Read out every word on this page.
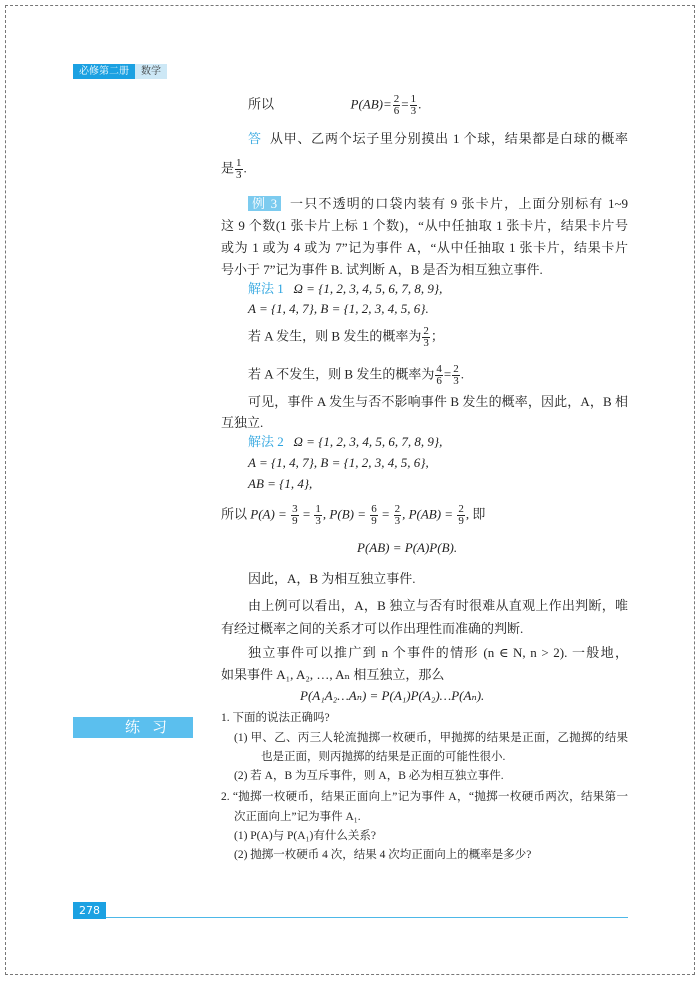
必修第二册	数学
所以	$P(AB)= \frac{2}{6} = \frac{1}{3}$ .
答 从甲、乙两个坛子里分别摸出 1 个球，结果都是白球的概率
是 $\frac{1}{3}$ .
例 3 一只不透明的口袋内装有 9 张卡片，上面分别标有 1~9
这 9 个数(1 张卡片上标 1 个数)，“从中任抽取 1 张卡片，结果卡片号
或为 1 或为 4 或为 7”记为事件 A，“从中任抽取 1 张卡片，结果卡片
号小于 7”记为事件 B. 试判断 A，B 是否为相互独立事件.
解法 1 Ω = {1, 2, 3, 4, 5, 6, 7, 8, 9},
A = {1, 4, 7}, B = {1, 2, 3, 4, 5, 6}.
若 A 发生，则 B 发生的概率为 $\frac{2}{3}$ ；
若 A 不发生，则 B 发生的概率为 $\frac{4}{6} = \frac{2}{3}$ .
可见，事件 A 发生与否不影响事件 B 发生的概率，因此，A，B 相
互独立.
解法 2 Ω = {1, 2, 3, 4, 5, 6, 7, 8, 9},
A = {1, 4, 7}, B = {1, 2, 3, 4, 5, 6},
AB = {1, 4},
所以 $P(A) = \frac{3}{9} = \frac{1}{3}$ , $P(B) = \frac{6}{9} = \frac{2}{3}$ , $P(AB) = \frac{2}{9}$ , 即
P(AB) = P(A)P(B).
因此，A，B 为相互独立事件.
由上例可以看出，A，B 独立与否有时很难从直观上作出判断，唯
有经过概率之间的关系才可以作出理性而准确的判断.
独立事件可以推广到 n 个事件的情形 (n ∈ N, n > 2). 一般地，
如果事件 A₁, A₂, …, Aₙ 相互独立，那么
P(A₁A₂…Aₙ) = P(A₁)P(A₂)…P(Aₙ).
练习	1. 下面的说法正确吗?
(1) 甲、乙、丙三人轮流抛掷一枚硬币，甲抛掷的结果是正面，乙抛掷的结果
也是正面，则丙抛掷的结果是正面的可能性很小.
(2) 若 A，B 为互斥事件，则 A，B 必为相互独立事件.
2. “抛掷一枚硬币，结果正面向上”记为事件 A，“抛掷一枚硬币两次，结果第一
次正面向上”记为事件 A₁.
(1) P(A)与 P(A₁)有什么关系?
(2) 抛掷一枚硬币 4 次，结果 4 次均正面向上的概率是多少?
278
